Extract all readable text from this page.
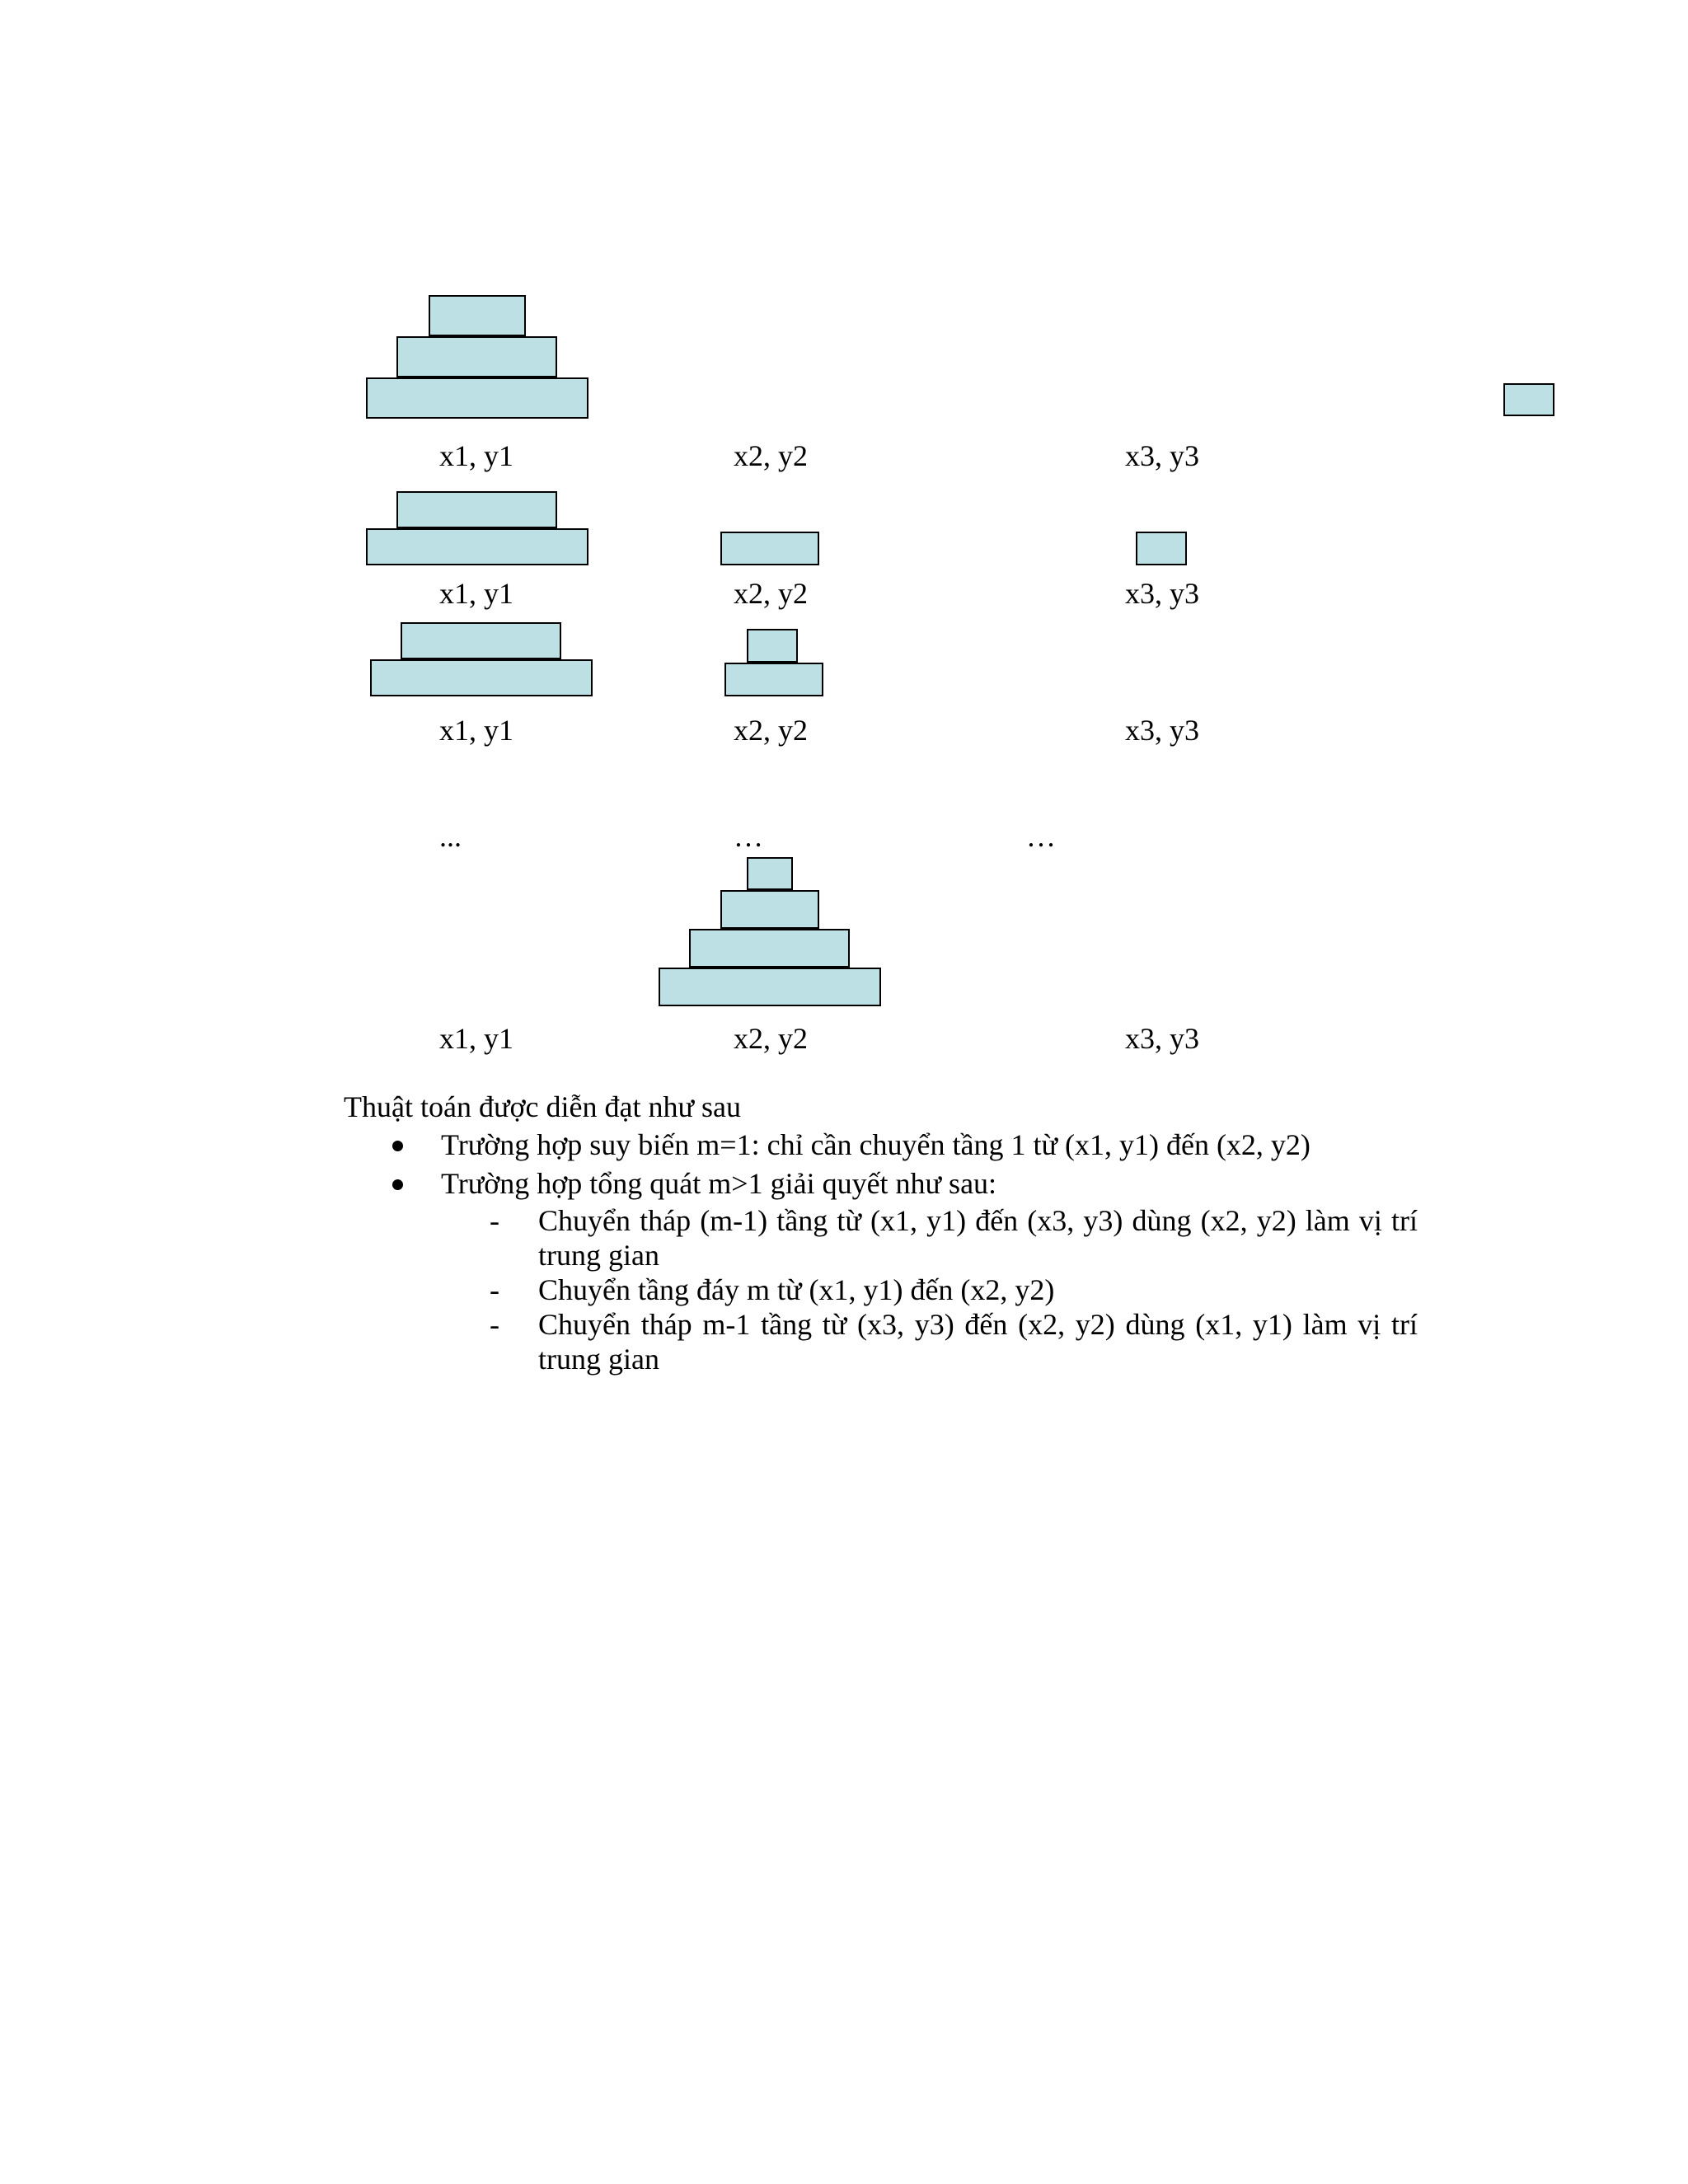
x1, y1	x2, y2	x3, y3
x1, y1	x2, y2	x3, y3
x1, y1	x2, y2	x3, y3
...	…	…
x1, y1	x2, y2	x3, y3
Thuật toán được diễn đạt như sau
Trường hợp suy biến m=1: chỉ cần chuyển tầng 1 từ (x1, y1) đến (x2, y2)
Trường hợp tổng quát m>1 giải quyết như sau:
- Chuyển tháp (m-1) tầng từ (x1, y1) đến (x3, y3) dùng (x2, y2) làm vị trí
trung gian
- Chuyển tầng đáy m từ (x1, y1) đến (x2, y2)
- Chuyển tháp m-1 tầng từ (x3, y3) đến (x2, y2) dùng (x1, y1) làm vị trí
trung gian
